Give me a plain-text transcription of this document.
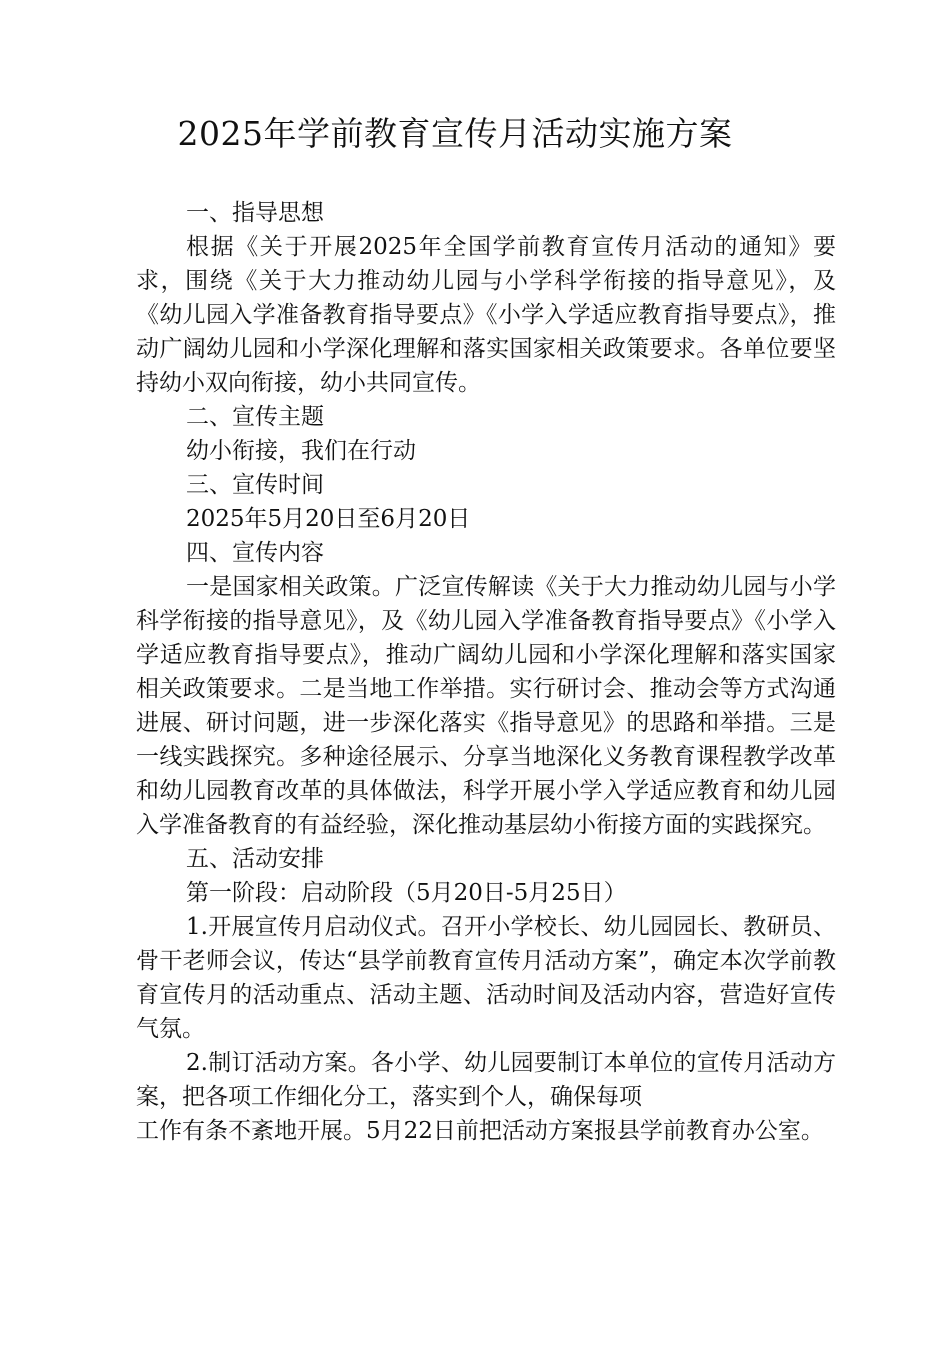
2025年学前教育宣传月活动实施方案

一、指导思想

根据《关于开展2025年全国学前教育宣传月活动的通知》要求，围绕《关于大力推动幼儿园与小学科学衔接的指导意见》，及《幼儿园入学准备教育指导要点》《小学入学适应教育指导要点》，推动广阔幼儿园和小学深化理解和落实国家相关政策要求。各单位要坚持幼小双向衔接，幼小共同宣传。

二、宣传主题

幼小衔接，我们在行动

三、宣传时间

2025年5月20日至6月20日

四、宣传内容

一是国家相关政策。广泛宣传解读《关于大力推动幼儿园与小学科学衔接的指导意见》，及《幼儿园入学准备教育指导要点》《小学入学适应教育指导要点》，推动广阔幼儿园和小学深化理解和落实国家相关政策要求。二是当地工作举措。实行研讨会、推动会等方式沟通进展、研讨问题，进一步深化落实《指导意见》的思路和举措。三是一线实践探究。多种途径展示、分享当地深化义务教育课程教学改革和幼儿园教育改革的具体做法，科学开展小学入学适应教育和幼儿园入学准备教育的有益经验，深化推动基层幼小衔接方面的实践探究。

五、活动安排

第一阶段：启动阶段（5月20日-5月25日）

1.开展宣传月启动仪式。召开小学校长、幼儿园园长、教研员、骨干老师会议，传达“县学前教育宣传月活动方案”，确定本次学前教育宣传月的活动重点、活动主题、活动时间及活动内容，营造好宣传气氛。

2.制订活动方案。各小学、幼儿园要制订本单位的宣传月活动方案，把各项工作细化分工，落实到个人，确保每项

工作有条不紊地开展。5月22日前把活动方案报县学前教育办公室。
